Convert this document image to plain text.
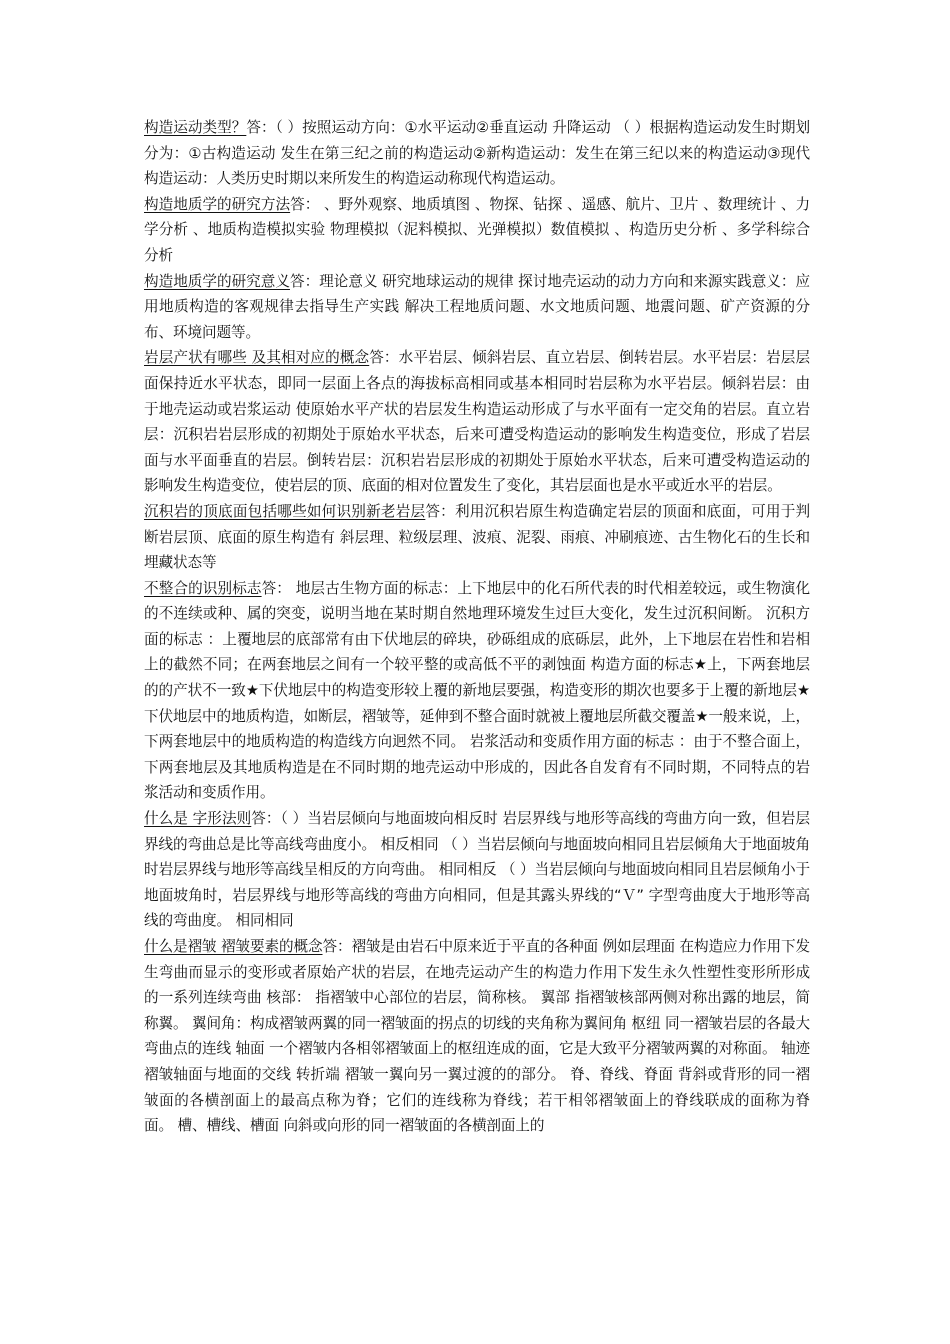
构造运动类型？答：（ ）按照运动方向：①水平运动②垂直运动 升降运动 （ ）根据构造运动发生时期划分为：①古构造运动 发生在第三纪之前的构造运动②新构造运动：发生在第三纪以来的构造运动③现代构造运动：人类历史时期以来所发生的构造运动称现代构造运动。

构造地质学的研究方法答： 、野外观察、地质填图 、物探、钻探 、遥感、航片、卫片 、数理统计 、力学分析 、地质构造模拟实验 物理模拟（泥料模拟、光弹模拟）数值模拟 、构造历史分析 、多学科综合分析

构造地质学的研究意义答：理论意义 研究地球运动的规律 探讨地壳运动的动力方向和来源实践意义：应用地质构造的客观规律去指导生产实践 解决工程地质问题、水文地质问题、地震问题、矿产资源的分布、环境问题等。

岩层产状有哪些 及其相对应的概念答：水平岩层、倾斜岩层、直立岩层、倒转岩层。水平岩层：岩层层面保持近水平状态，即同一层面上各点的海拔标高相同或基本相同时岩层称为水平岩层。倾斜岩层：由于地壳运动或岩浆运动 使原始水平产状的岩层发生构造运动形成了与水平面有一定交角的岩层。直立岩层：沉积岩岩层形成的初期处于原始水平状态，后来可遭受构造运动的影响发生构造变位，形成了岩层面与水平面垂直的岩层。倒转岩层：沉积岩岩层形成的初期处于原始水平状态，后来可遭受构造运动的影响发生构造变位，使岩层的顶、底面的相对位置发生了变化，其岩层面也是水平或近水平的岩层。

沉积岩的顶底面包括哪些如何识别新老岩层答：利用沉积岩原生构造确定岩层的顶面和底面，可用于判断岩层顶、底面的原生构造有 斜层理、粒级层理、波痕、泥裂、雨痕、冲刷痕迹、古生物化石的生长和埋藏状态等

不整合的识别标志答： 地层古生物方面的标志：上下地层中的化石所代表的时代相差较远，或生物演化的不连续或种、属的突变，说明当地在某时期自然地理环境发生过巨大变化，发生过沉积间断。 沉积方面的标志 ：上覆地层的底部常有由下伏地层的碎块，砂砾组成的底砾层，此外，上下地层在岩性和岩相上的截然不同；在两套地层之间有一个较平整的或高低不平的剥蚀面 构造方面的标志★上，下两套地层的的产状不一致★下伏地层中的构造变形较上覆的新地层要强，构造变形的期次也要多于上覆的新地层★下伏地层中的地质构造，如断层，褶皱等，延伸到不整合面时就被上覆地层所截交覆盖★一般来说，上，下两套地层中的地质构造的构造线方向迥然不同。 岩浆活动和变质作用方面的标志 ：由于不整合面上，下两套地层及其地质构造是在不同时期的地壳运动中形成的，因此各自发育有不同时期，不同特点的岩浆活动和变质作用。

什么是 字形法则答：（ ）当岩层倾向与地面坡向相反时 岩层界线与地形等高线的弯曲方向一致，但岩层界线的弯曲总是比等高线弯曲度小。 相反相同 （ ）当岩层倾向与地面坡向相同且岩层倾角大于地面坡角时岩层界线与地形等高线呈相反的方向弯曲。 相同相反 （ ）当岩层倾向与地面坡向相同且岩层倾角小于地面坡角时，岩层界线与地形等高线的弯曲方向相同，但是其露头界线的“Ｖ” 字型弯曲度大于地形等高线的弯曲度。 相同相同

什么是褶皱 褶皱要素的概念答：褶皱是由岩石中原来近于平直的各种面 例如层理面 在构造应力作用下发生弯曲而显示的变形或者原始产状的岩层，在地壳运动产生的构造力作用下发生永久性塑性变形所形成的一系列连续弯曲 核部： 指褶皱中心部位的岩层，简称核。 翼部 指褶皱核部两侧对称出露的地层，简称翼。 翼间角：构成褶皱两翼的同一褶皱面的拐点的切线的夹角称为翼间角 枢纽 同一褶皱岩层的各最大弯曲点的连线 轴面 一个褶皱内各相邻褶皱面上的枢纽连成的面，它是大致平分褶皱两翼的对称面。 轴迹 褶皱轴面与地面的交线 转折端 褶皱一翼向另一翼过渡的的部分。 脊、脊线、脊面 背斜或背形的同一褶皱面的各横剖面上的最高点称为脊；它们的连线称为脊线；若干相邻褶皱面上的脊线联成的面称为脊面。 槽、槽线、槽面 向斜或向形的同一褶皱面的各横剖面上的
